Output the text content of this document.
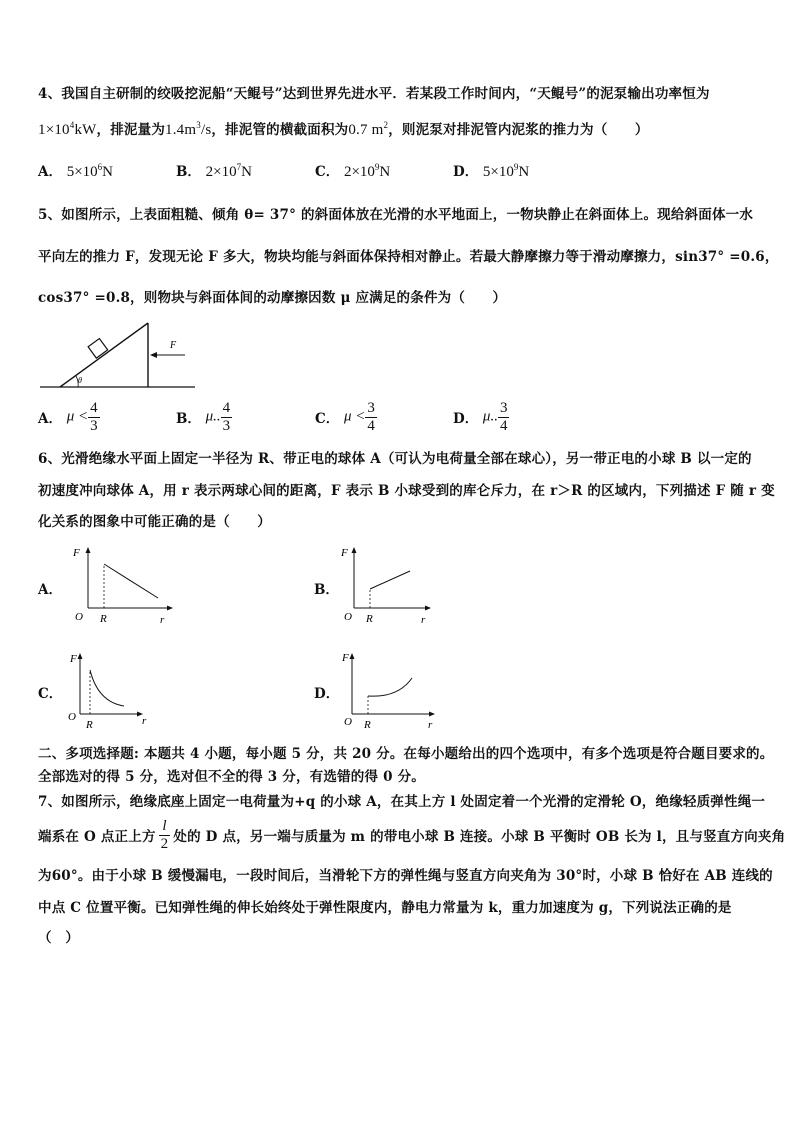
4、我国自主研制的绞吸挖泥船“天鲲号”达到世界先进水平．若某段工作时间内，“天鲲号”的泥泵输出功率恒为
$1\times 10^4kW$，排泥量为$1.4m^3/s$，排泥管的横截面积为0.7 $m^2$，则泥泵对排泥管内泥浆的推力为（　　）
A． $5\times 10^6N$	B． $2\times 10^7N$	C． $2\times 10^9N$	D． $5\times 10^9N$
5、如图所示，上表面粗糙、倾角 θ= 37° 的斜面体放在光滑的水平地面上，一物块静止在斜面体上。现给斜面体一水
平向左的推力 F，发现无论 F 多大，物块均能与斜面体保持相对静止。若最大静摩擦力等于滑动摩擦力，sin37° =0.6，
cos37° =0.8，则物块与斜面体间的动摩擦因数 μ 应满足的条件为（　　）
θ
F
A． $\mu < \frac{4}{3}$	B． μ.. $\frac{4}{3}$	C． $\mu < \frac{3}{4}$	D． μ.. $\frac{3}{4}$
6、光滑绝缘水平面上固定一半径为 R、带正电的球体 A（可认为电荷量全部在球心），另一带正电的小球 B 以一定的
初速度冲向球体 A，用 r 表示两球心间的距离，F 表示 B 小球受到的库仑斥力，在 r＞R 的区域内，下列描述 F 随 r 变
化关系的图象中可能正确的是（　　）
A．
F
O R	r
B．
F
O R	r
C．
F
O
R	r
D．
F
O R	r
二、多项选择题: 本题共 4 小题，每小题 5 分，共 20 分。在每小题给出的四个选项中，有多个选项是符合题目要求的。
全部选对的得 5 分，选对但不全的得 3 分，有选错的得 0 分。
7、如图所示，绝缘底座上固定一电荷量为+q 的小球 A，在其上方 l 处固定着一个光滑的定滑轮 O，绝缘轻质弹性绳一
端系在 O 点正上方 $\frac{l}{2}$ 处的 D 点，另一端与质量为 m 的带电小球 B 连接。小球 B 平衡时 OB 长为 l，且与竖直方向夹角
为60°。由于小球 B 缓慢漏电，一段时间后，当滑轮下方的弹性绳与竖直方向夹角为 30°时，小球 B 恰好在 AB 连线的
中点 C 位置平衡。已知弹性绳的伸长始终处于弹性限度内，静电力常量为 k，重力加速度为 g，下列说法正确的是
（　）
